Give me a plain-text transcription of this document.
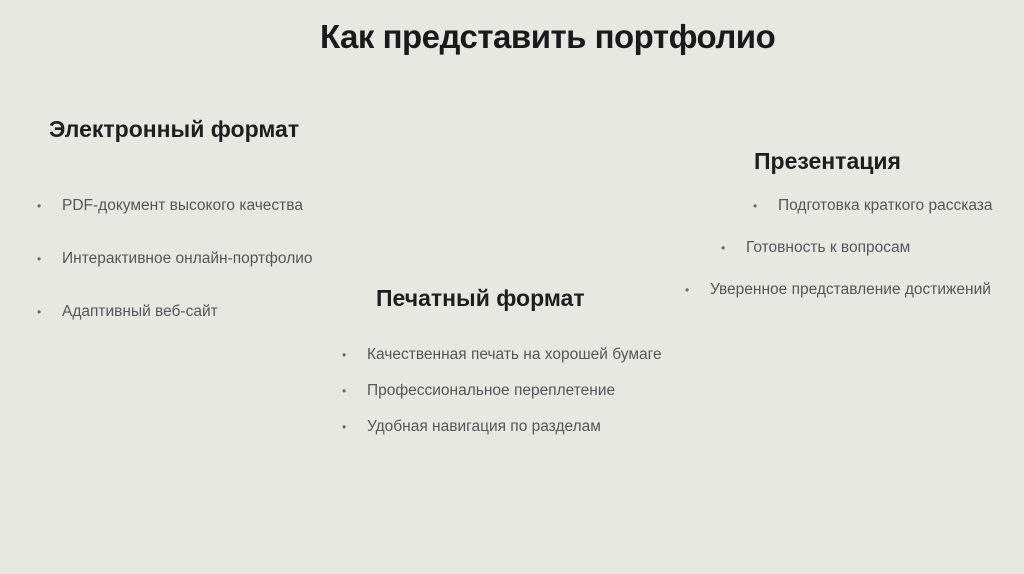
Как представить портфолио
Электронный формат
• PDF-документ высокого качества
• Интерактивное онлайн-портфолио
• Адаптивный веб-сайт
Презентация
• Подготовка краткого рассказа
• Готовность к вопросам
• Уверенное представление достижений
Печатный формат
• Качественная печать на хорошей бумаге
• Профессиональное переплетение
• Удобная навигация по разделам
